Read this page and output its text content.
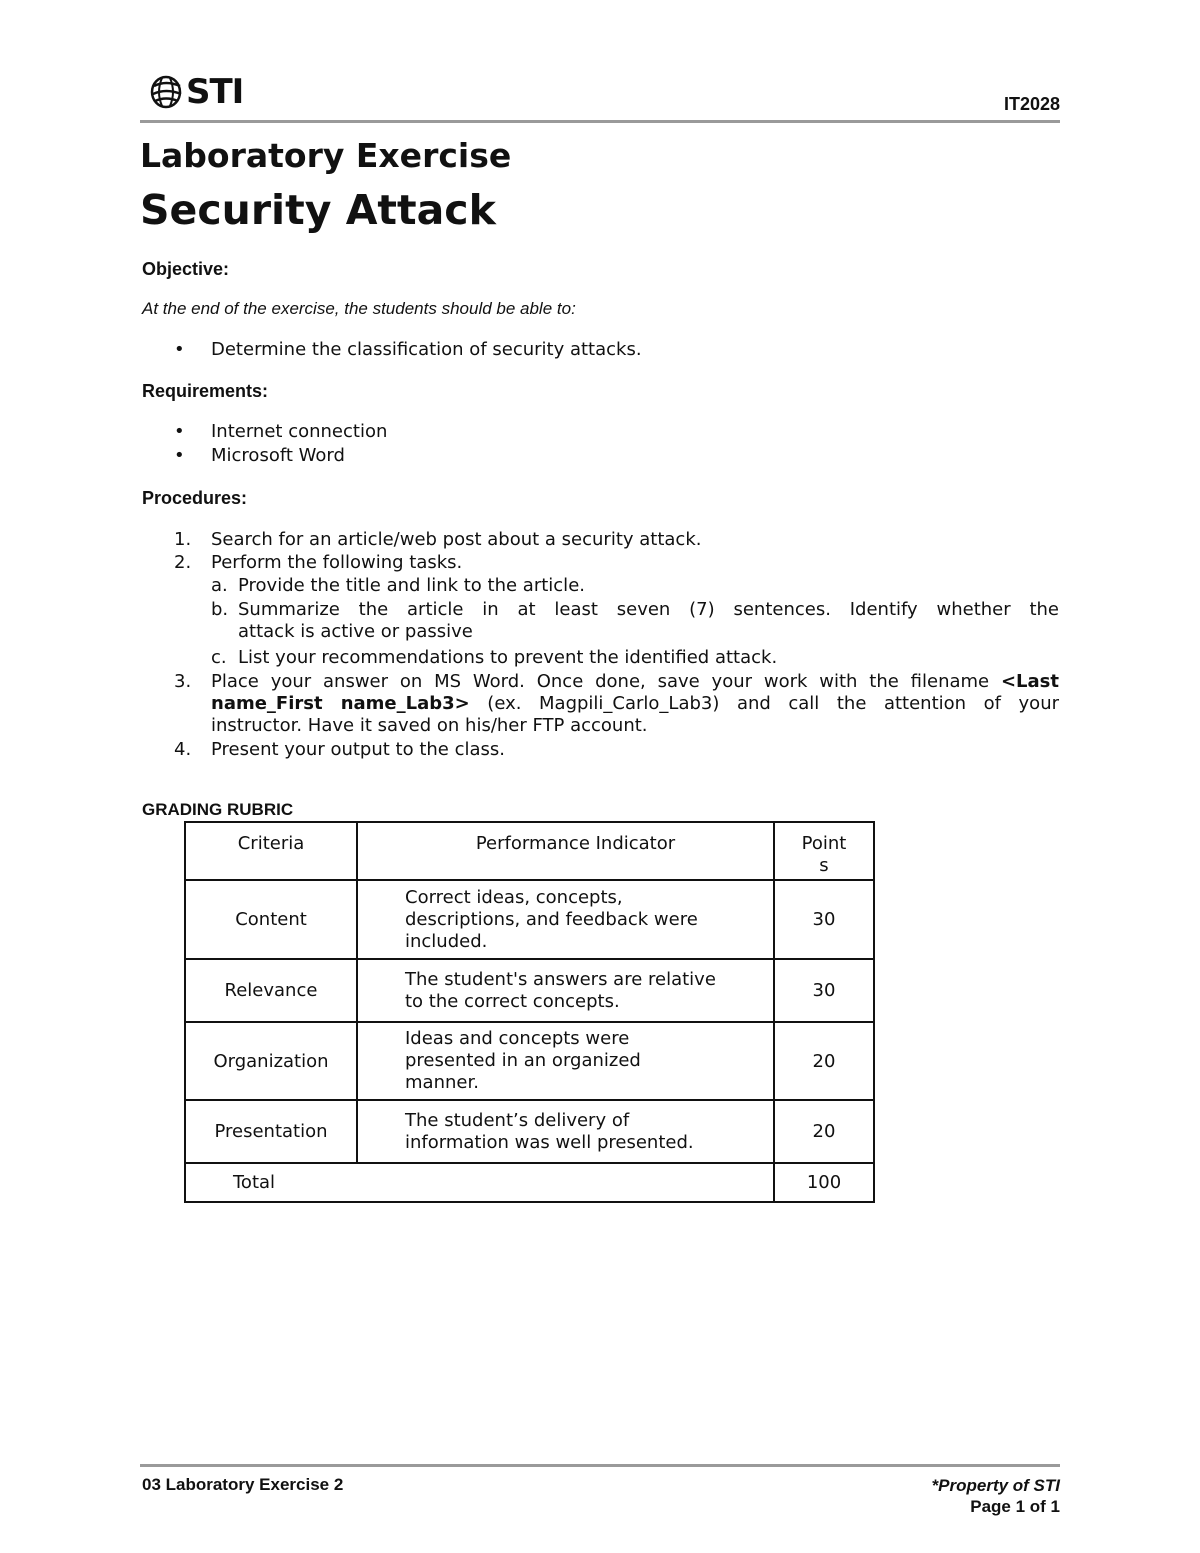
STI	IT2028
Laboratory Exercise
Security Attack
Objective:
At the end of the exercise, the students should be able to:
• Determine the classification of security attacks.
Requirements:
• Internet connection
• Microsoft Word
Procedures:
1. Search for an article/web post about a security attack.
2. Perform the following tasks.
a. Provide the title and link to the article.
b. Summarize the article in at least seven (7) sentences. Identify whether the
attack is active or passive
c. List your recommendations to prevent the identified attack.
3. Place your answer on MS Word. Once done, save your work with the filename <Last
name_First name_Lab3> (ex. Magpili_Carlo_Lab3) and call the attention of your
instructor. Have it saved on his/her FTP account.
4. Present your output to the class.
GRADING RUBRIC
Criteria	Performance Indicator	Point
s

Content	Correct ideas, concepts,
descriptions, and feedback were
included.	30
Relevance	The student's answers are relative
to the correct concepts.	30
Organization	Ideas and concepts were
presented in an organized
manner.	20
Presentation	The student’s delivery of
information was well presented.	20
Total		100
03 Laboratory Exercise 2	*Property of STI
Page 1 of 1
